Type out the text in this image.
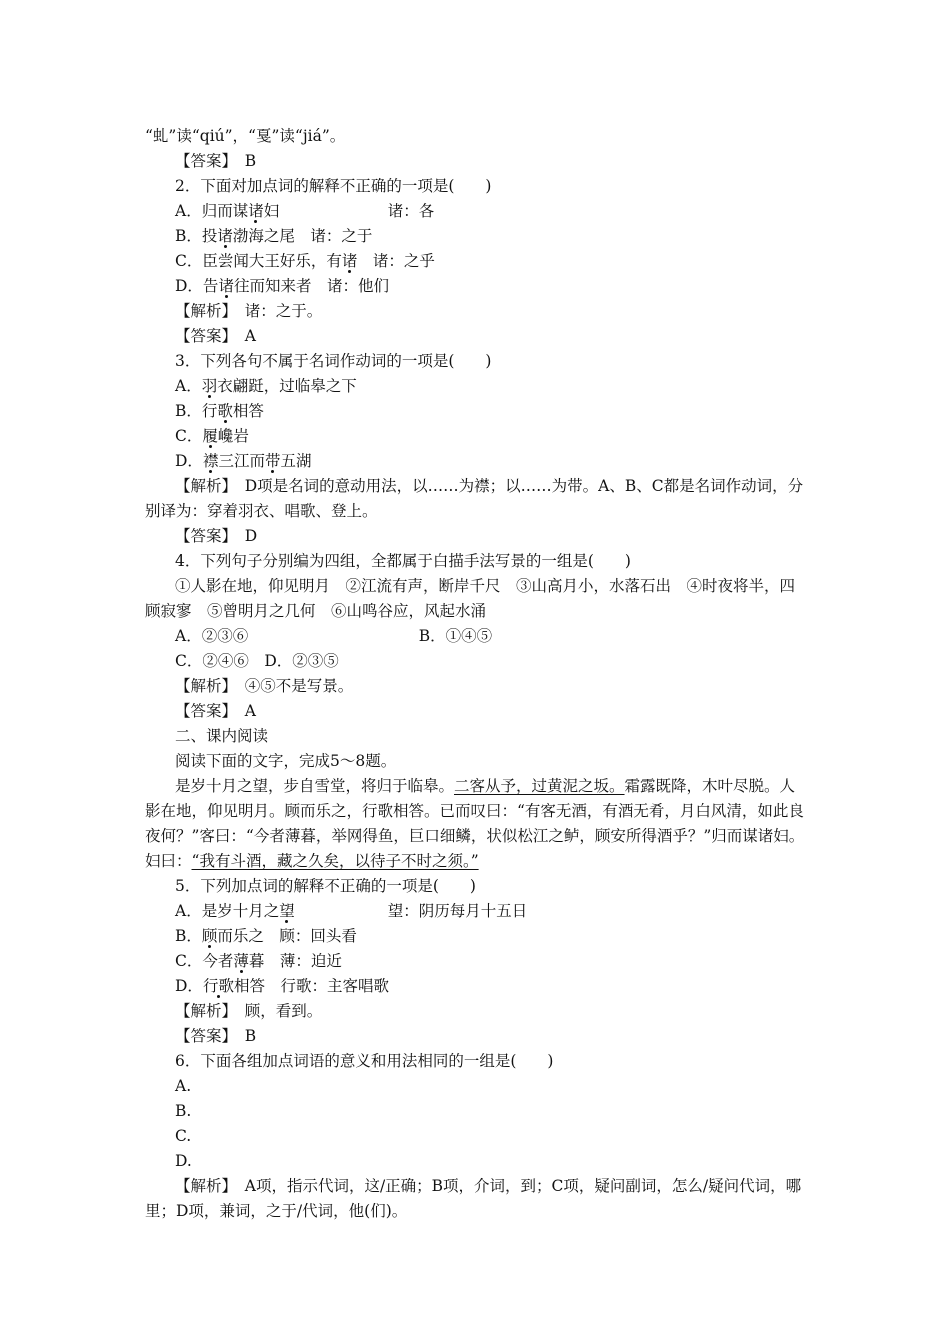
“虬”读“qiú”，“戛”读“jiá”。
【答案】　B
2．下面对加点词的解释不正确的一项是(　　)
A．归而谋诸妇　　　　　　　诸：各
B．投诸渤海之尾　诸：之于
C．臣尝闻大王好乐，有诸　诸：之乎
D．告诸往而知来者　诸：他们
【解析】　诸：之于。
【答案】　A
3．下列各句不属于名词作动词的一项是(　　)
A．羽衣翩跹，过临皋之下
B．行歌相答
C．履巉岩
D．襟三江而带五湖
【解析】　D项是名词的意动用法，以……为襟；以……为带。A、B、C都是名词作动词，分别译为：穿着羽衣、唱歌、登上。
【答案】　D
4．下列句子分别编为四组，全都属于白描手法写景的一组是(　　)
①人影在地，仰见明月　②江流有声，断岸千尺　③山高月小，水落石出　④时夜将半，四顾寂寥　⑤曾明月之几何　⑥山鸣谷应，风起水涌
A．②③⑥　　　　　　　　　　　B．①④⑤
C．②④⑥　D．②③⑤
【解析】　④⑤不是写景。
【答案】　A
二、课内阅读
阅读下面的文字，完成5～8题。
是岁十月之望，步自雪堂，将归于临皋。二客从予，过黄泥之坂。霜露既降，木叶尽脱。人影在地，仰见明月。顾而乐之，行歌相答。已而叹曰：“有客无酒，有酒无肴，月白风清，如此良夜何？”客曰：“今者薄暮，举网得鱼，巨口细鳞，状似松江之鲈，顾安所得酒乎？”归而谋诸妇。妇曰：“我有斗酒，藏之久矣，以待子不时之须。”
5．下列加点词的解释不正确的一项是(　　)
A．是岁十月之望　　　　　　望：阴历每月十五日
B．顾而乐之　顾：回头看
C．今者薄暮　薄：迫近
D．行歌相答　行歌：主客唱歌
【解析】　顾，看到。
【答案】　B
6．下面各组加点词语的意义和用法相同的一组是(　　)
A.
B.
C.
D.
【解析】　A项，指示代词，这/正确；B项，介词，到；C项，疑问副词，怎么/疑问代词，哪里；D项，兼词，之于/代词，他(们)。
